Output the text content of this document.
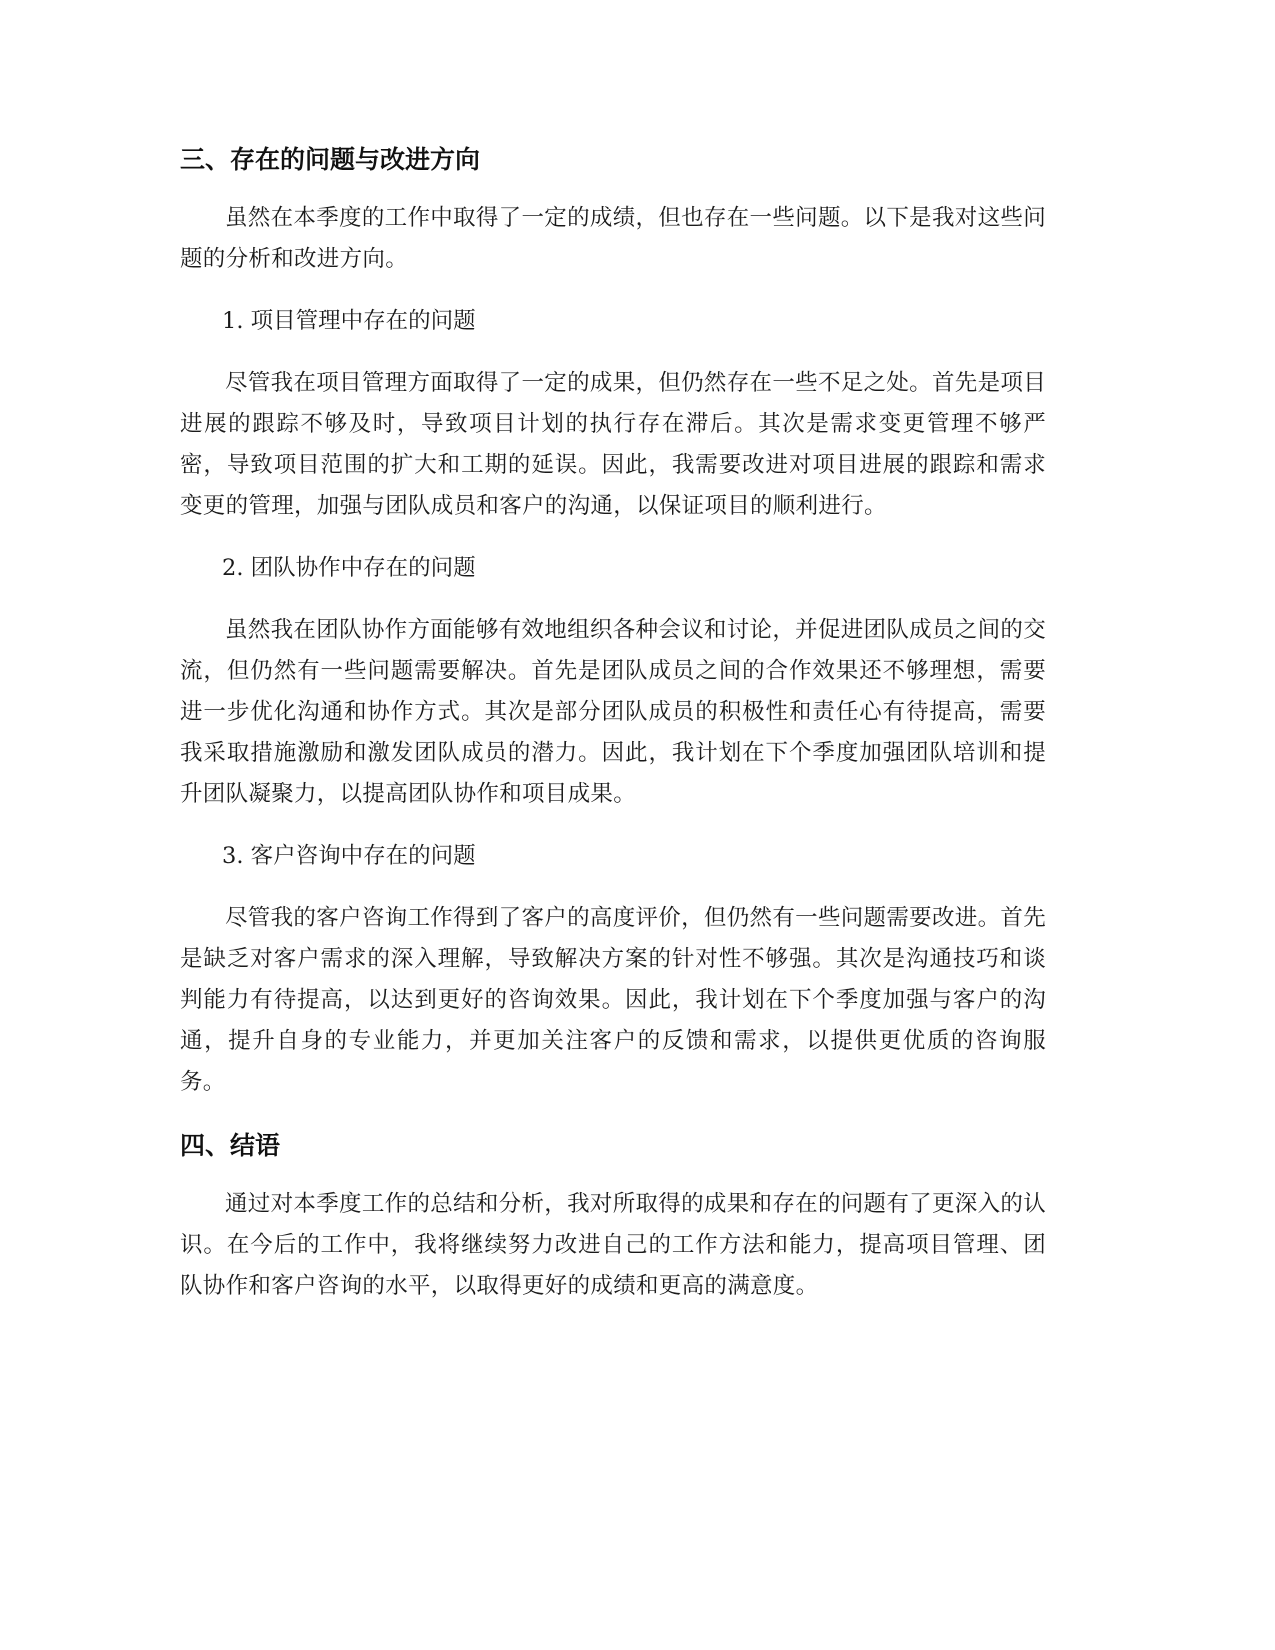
三、存在的问题与改进方向

虽然在本季度的工作中取得了一定的成绩，但也存在一些问题。以下是我对这些问题的分析和改进方向。

1. 项目管理中存在的问题

尽管我在项目管理方面取得了一定的成果，但仍然存在一些不足之处。首先是项目进展的跟踪不够及时，导致项目计划的执行存在滞后。其次是需求变更管理不够严密，导致项目范围的扩大和工期的延误。因此，我需要改进对项目进展的跟踪和需求变更的管理，加强与团队成员和客户的沟通，以保证项目的顺利进行。

2. 团队协作中存在的问题

虽然我在团队协作方面能够有效地组织各种会议和讨论，并促进团队成员之间的交流，但仍然有一些问题需要解决。首先是团队成员之间的合作效果还不够理想，需要进一步优化沟通和协作方式。其次是部分团队成员的积极性和责任心有待提高，需要我采取措施激励和激发团队成员的潜力。因此，我计划在下个季度加强团队培训和提升团队凝聚力，以提高团队协作和项目成果。

3. 客户咨询中存在的问题

尽管我的客户咨询工作得到了客户的高度评价，但仍然有一些问题需要改进。首先是缺乏对客户需求的深入理解，导致解决方案的针对性不够强。其次是沟通技巧和谈判能力有待提高，以达到更好的咨询效果。因此，我计划在下个季度加强与客户的沟通，提升自身的专业能力，并更加关注客户的反馈和需求，以提供更优质的咨询服务。

四、结语

通过对本季度工作的总结和分析，我对所取得的成果和存在的问题有了更深入的认识。在今后的工作中，我将继续努力改进自己的工作方法和能力，提高项目管理、团队协作和客户咨询的水平，以取得更好的成绩和更高的满意度。
